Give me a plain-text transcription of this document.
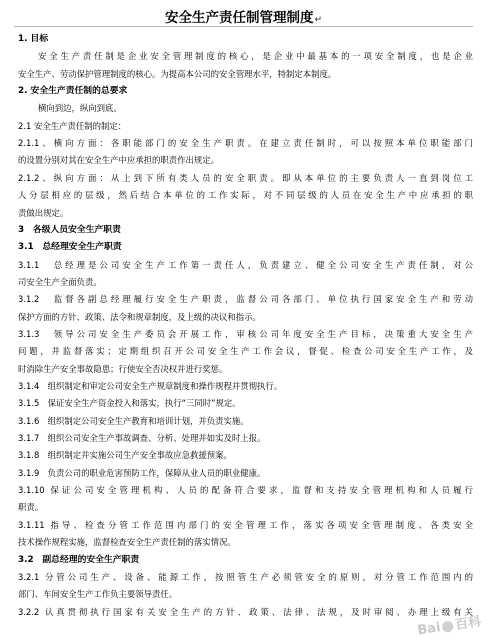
安全生产责任制管理制度↵
1. 目标
安全生产责任制是企业安全管理制度的核心，是企业中最基本的一项安全制度，也是企业
安全生产、劳动保护管理制度的核心。为提高本公司的安全管理水平，特制定本制度。
2. 安全生产责任制的总要求
横向到边，纵向到底。
2.1 安全生产责任制的制定：
2.1.1、横向方面：各职能部门的安全生产职责。在建立责任制时，可以按照本单位职能部门
的设置分别对其在安全生产中应承担的职责作出规定。
2.1.2、纵向方面：从上到下所有类人员的安全职责。即从本单位的主要负责人一直到岗位工
人分层相应的层级，然后结合本单位的工作实际，对不同层级的人员在安全生产中应承担的职
责做出规定。
3　各级人员安全生产职责
3.1　总经理安全生产职责
3.1.1　总经理是公司安全生产工作第一责任人，负责建立、健全公司安全生产责任制，对公
司安全生产全面负责。
3.1.2　监督各副总经理履行安全生产职责，监督公司各部门、单位执行国家安全生产和劳动
保护方面的方针、政策、法令和规章制度，及上级的决议和指示。
3.1.3　领导公司安全生产委员会开展工作，审核公司年度安全生产目标，决策重大安全生产
问题，并监督落实；定期组织召开公司安全生产工作会议，督促、检查公司安全生产工作，及
时消除生产安全事故隐患；行使安全否决权并进行奖惩。
3.1.4　组织制定和审定公司安全生产规章制度和操作规程并贯彻执行。
3.1.5　保证安全生产资金投入和落实，执行“三同时”规定。
3.1.6　组织制定公司安全生产教育和培训计划，并负责实施。
3.1.7　组织公司安全生产事故调查、分析、处理并如实及时上报。
3.1.8　组织制定并实施公司生产安全事故应急救援预案。
3.1.9　负责公司的职业危害预防工作，保障从业人员的职业健康。
3.1.10 保证公司安全管理机构、人员的配备符合要求，监督和支持安全管理机构和人员履行
职责。
3.1.11 指导、检查分管工作范围内部门的安全管理工作，落实各项安全管理制度、各类安全
技术操作规程实施，监督检查安全生产责任制的落实情况。
3.2　副总经理的安全生产职责
3.2.1 分管公司生产、设备、能源工作，按照管生产必须管安全的原则，对分管工作范围内的
部门、车间安全生产工作负主要领导责任。
3.2.2 认真贯彻执行国家有关安全生产的方针、政策、法律、法规，及时审阅、办理上级有关
Bai 百科
